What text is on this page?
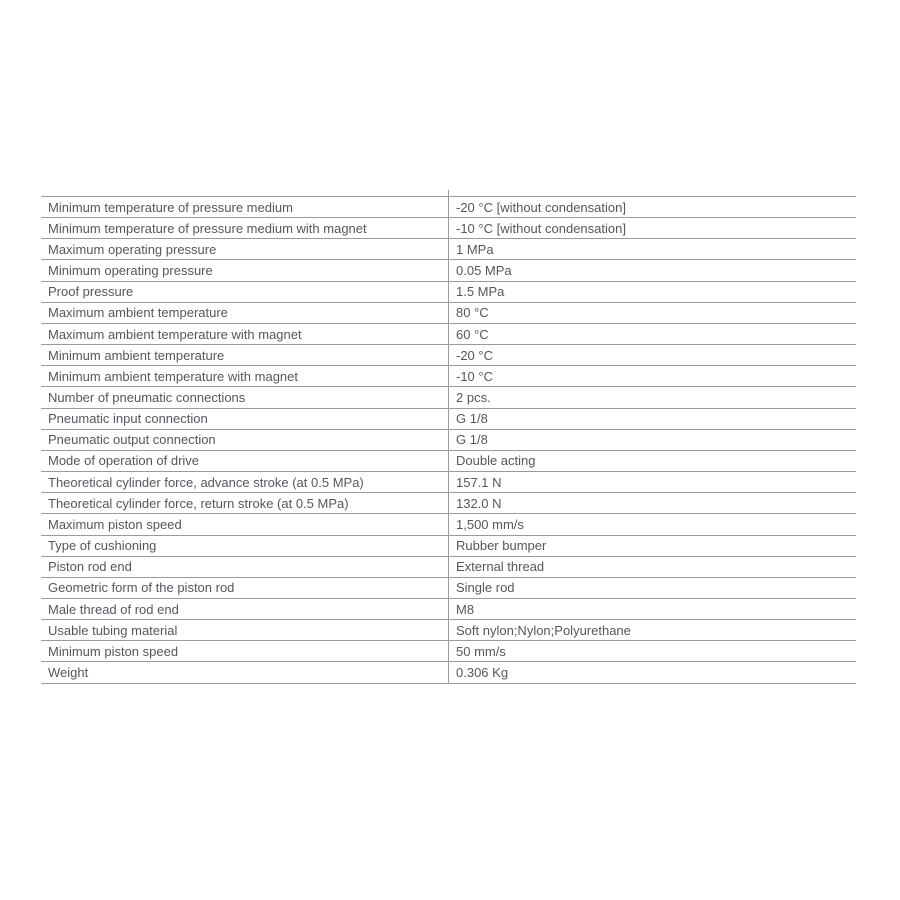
Minimum temperature of pressure medium	-20 °C [without condensation]
Minimum temperature of pressure medium with magnet	-10 °C [without condensation]
Maximum operating pressure	1 MPa
Minimum operating pressure	0.05 MPa
Proof pressure	1.5 MPa
Maximum ambient temperature	80 °C
Maximum ambient temperature with magnet	60 °C
Minimum ambient temperature	-20 °C
Minimum ambient temperature with magnet	-10 °C
Number of pneumatic connections	2 pcs.
Pneumatic input connection	G 1/8
Pneumatic output connection	G 1/8
Mode of operation of drive	Double acting
Theoretical cylinder force, advance stroke (at 0.5 MPa)	157.1 N
Theoretical cylinder force, return stroke (at 0.5 MPa)	132.0 N
Maximum piston speed	1,500 mm/s
Type of cushioning	Rubber bumper
Piston rod end	External thread
Geometric form of the piston rod	Single rod
Male thread of rod end	M8
Usable tubing material	Soft nylon;Nylon;Polyurethane
Minimum piston speed	50 mm/s
Weight	0.306 Kg
